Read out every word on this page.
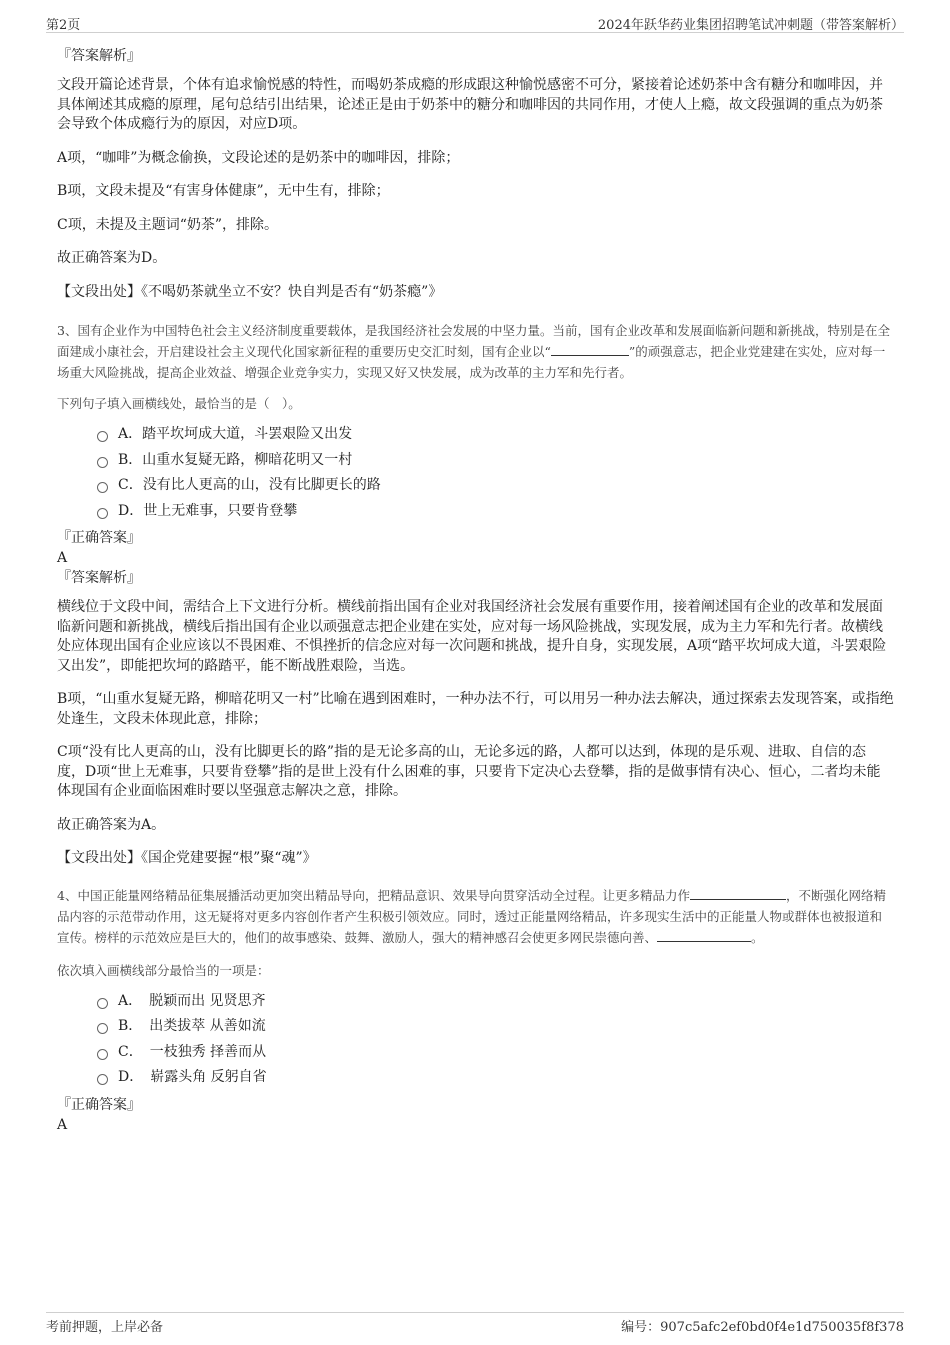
第2页	2024年跃华药业集团招聘笔试冲刺题（带答案解析）

『答案解析』

文段开篇论述背景，个体有追求愉悦感的特性，而喝奶茶成瘾的形成跟这种愉悦感密不可分，紧接着论述奶茶中含有糖分和咖啡因，并具体阐述其成瘾的原理，尾句总结引出结果，论述正是由于奶茶中的糖分和咖啡因的共同作用，才使人上瘾，故文段强调的重点为奶茶会导致个体成瘾行为的原因，对应D项。

A项，“咖啡”为概念偷换，文段论述的是奶茶中的咖啡因，排除；

B项，文段未提及“有害身体健康”，无中生有，排除；

C项，未提及主题词“奶茶”，排除。

故正确答案为D。

【文段出处】《不喝奶茶就坐立不安？快自判是否有“奶茶瘾”》

3、国有企业作为中国特色社会主义经济制度重要载体，是我国经济社会发展的中坚力量。当前，国有企业改革和发展面临新问题和新挑战，特别是在全面建成小康社会，开启建设社会主义现代化国家新征程的重要历史交汇时刻，国有企业以“	”的顽强意志，把企业党建建在实处，应对每一场重大风险挑战，提高企业效益、增强企业竞争实力，实现又好又快发展，成为改革的主力军和先行者。

下列句子填入画横线处，最恰当的是（　）。

A．踏平坎坷成大道，斗罢艰险又出发
B．山重水复疑无路，柳暗花明又一村
C．没有比人更高的山，没有比脚更长的路
D．世上无难事，只要肯登攀

『正确答案』

A

『答案解析』

横线位于文段中间，需结合上下文进行分析。横线前指出国有企业对我国经济社会发展有重要作用，接着阐述国有企业的改革和发展面临新问题和新挑战，横线后指出国有企业以顽强意志把企业建在实处，应对每一场风险挑战，实现发展，成为主力军和先行者。故横线处应体现出国有企业应该以不畏困难、不惧挫折的信念应对每一次问题和挑战，提升自身，实现发展，A项“踏平坎坷成大道，斗罢艰险又出发”，即能把坎坷的路踏平，能不断战胜艰险，当选。

B项，“山重水复疑无路，柳暗花明又一村”比喻在遇到困难时，一种办法不行，可以用另一种办法去解决，通过探索去发现答案，或指绝处逢生，文段未体现此意，排除；

C项“没有比人更高的山，没有比脚更长的路”指的是无论多高的山，无论多远的路，人都可以达到，体现的是乐观、进取、自信的态度，D项“世上无难事，只要肯登攀”指的是世上没有什么困难的事，只要肯下定决心去登攀，指的是做事情有决心、恒心，二者均未能体现国有企业面临困难时要以坚强意志解决之意，排除。

故正确答案为A。

【文段出处】《国企党建要握“根”聚“魂”》

4、中国正能量网络精品征集展播活动更加突出精品导向，把精品意识、效果导向贯穿活动全过程。让更多精品力作	，不断强化网络精品内容的示范带动作用，这无疑将对更多内容创作者产生积极引领效应。同时，透过正能量网络精品，许多现实生活中的正能量人物或群体也被报道和宣传。榜样的示范效应是巨大的，他们的故事感染、鼓舞、激励人，强大的精神感召会使更多网民崇德向善、	。

依次填入画横线部分最恰当的一项是：

A．　脱颖而出 见贤思齐
B．　出类拔萃 从善如流
C．　一枝独秀 择善而从
D．　崭露头角 反躬自省

『正确答案』

A

考前押题，上岸必备	编号：907c5afc2ef0bd0f4e1d750035f8f378
